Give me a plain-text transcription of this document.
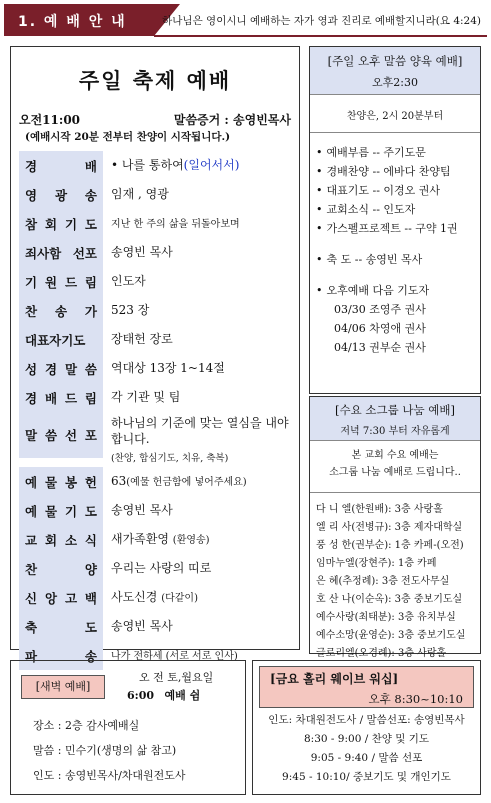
1. 예 배 안 내	하나님은 영이시니 예배하는 자가 영과 진리로 예배할지니라(요 4:24)
주일 축제 예배
오전11:00	말씀증거 : 송영빈목사
(예배시작 20분 전부터 찬양이 시작됩니다.)
경 배	• 나를 통하여(일어서서)
영 광 송	임재 , 영광
참 회 기 도	지난 한 주의 삶을 뒤돌아보며
죄사함 선포	송영빈 목사
기 원 드 림	인도자
찬 송 가	523 장
대표자기도	장태헌 장로
성 경 말 씀	역대상 13장 1~14절
경 배 드 림	각 기관 및 팀
말 씀 선 포
하나님의 기준에 맞는 열심을 내야합니다.
(찬양, 합심기도, 치유, 축복)
예 물 봉 헌	63(예물 헌금함에 넣어주세요)
예 물 기 도	송영빈 목사
교 회 소 식	새가족환영 (환영송)
찬 양	우리는 사랑의 띠로
신 앙 고 백	사도신경 (다같이)
축 도	송영빈 목사
파 송	나가 전하세 (서로 서로 인사)
[주일 오후 말씀 양육 예배]
오후2:30
찬양은, 2시 20분부터
• 예배부름 -- 주기도문
• 경배찬양 -- 에바다 찬양팀
• 대표기도 -- 이경오 권사
• 교회소식 -- 인도자
• 가스펠프로젝트 -- 구약 1권
• 축 도 -- 송영빈 목사
• 오후예배 다음 기도자
03/30 조영주 권사
04/06 차영애 권사
04/13 권부순 권사
[수요 소그룹 나눔 예배]
저녁 7:30 부터 자유롭게
본 교회 수요 예배는
소그룹 나눔 예배로 드립니다..
다 니 엘(한원배): 3층 사랑홀
엘 리 사(전병규): 3층 제자대학실
풍 성 한(권부순): 1층 카페-(오전)
임마누엘(장현주): 1층 카페
은 혜(추정례): 3층 전도사무실
호 산 나(이순옥): 3층 중보기도실
예수사랑(최태분): 3층 유치부실
예수소망(윤영순): 3층 중보기도실
글로리엘(오경례): 3층 사랑홀
[새벽 예배]
오 전 토,월요일
6:00 예배 쉼
장소 : 2층 감사예배실
말씀 : 민수기(생명의 삶 참고)
인도 : 송영빈목사/차대원전도사
[금요 홀리 웨이브 워십]
오후 8:30~10:10
인도: 차대원전도사 / 말씀선포: 송영빈목사
8:30 - 9:00 / 찬양 및 기도
9:05 - 9:40 / 말씀 선포
9:45 - 10:10/ 중보기도 및 개인기도
